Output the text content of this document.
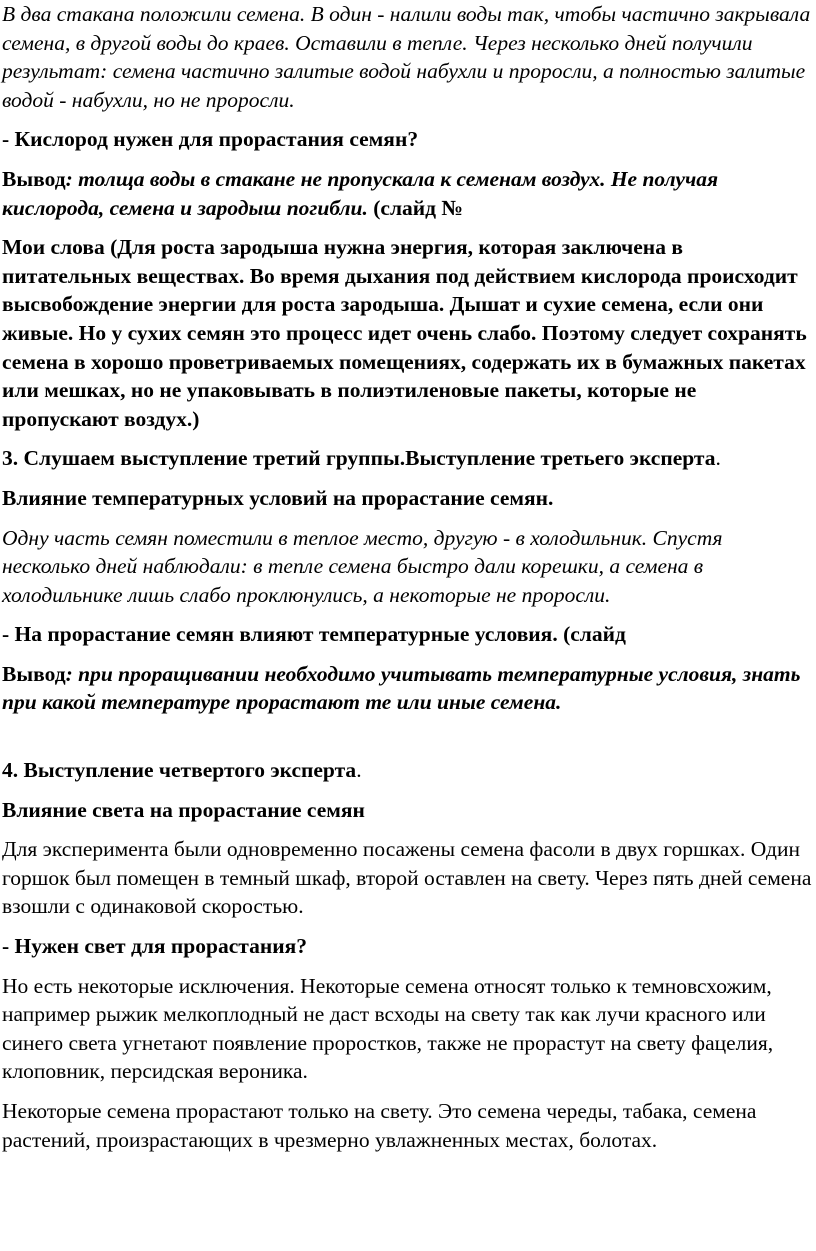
В два стакана положили семена. В один - налили воды так, чтобы частично закрывала семена, в другой воды до краев. Оставили в тепле. Через несколько дней получили результат: семена частично залитые водой набухли и проросли, а полностью залитые водой - набухли, но не проросли.

- Кислород нужен для прорастания семян?

Вывод: толща воды в стакане не пропускала к семенам воздух. Не получая кислорода, семена и зародыш погибли. (слайд №

Мои слова (Для роста зародыша нужна энергия, которая заключена в питательных веществах. Во время дыхания под действием кислорода происходит высвобождение энергии для роста зародыша. Дышат и сухие семена, если они живые. Но у сухих семян это процесс идет очень слабо. Поэтому следует сохранять семена в хорошо проветриваемых помещениях, содержать их в бумажных пакетах или мешках, но не упаковывать в полиэтиленовые пакеты, которые не пропускают воздух.)

3. Слушаем выступление третий группы.Выступление третьего эксперта.

Влияние температурных условий на прорастание семян.

Одну часть семян поместили в теплое место, другую - в холодильник. Спустя несколько дней наблюдали: в тепле семена быстро дали корешки, а семена в холодильнике лишь слабо проклюнулись, а некоторые не проросли.

- На прорастание семян влияют температурные условия. (слайд

Вывод: при проращивании необходимо учитывать температурные условия, знать при какой температуре прорастают те или иные семена.

4. Выступление четвертого эксперта.

Влияние света на прорастание семян

Для эксперимента были одновременно посажены семена фасоли в двух горшках. Один горшок был помещен в темный шкаф, второй оставлен на свету. Через пять дней семена взошли с одинаковой скоростью.

- Нужен свет для прорастания?

Но есть некоторые исключения. Некоторые семена относят только к темновсхожим, например рыжик мелкоплодный не даст всходы на свету так как лучи красного или синего света угнетают появление проростков, также не прорастут на свету фацелия, клоповник, персидская вероника.

Некоторые семена прорастают только на свету. Это семена череды, табака, семена растений, произрастающих в чрезмерно увлажненных местах, болотах.
